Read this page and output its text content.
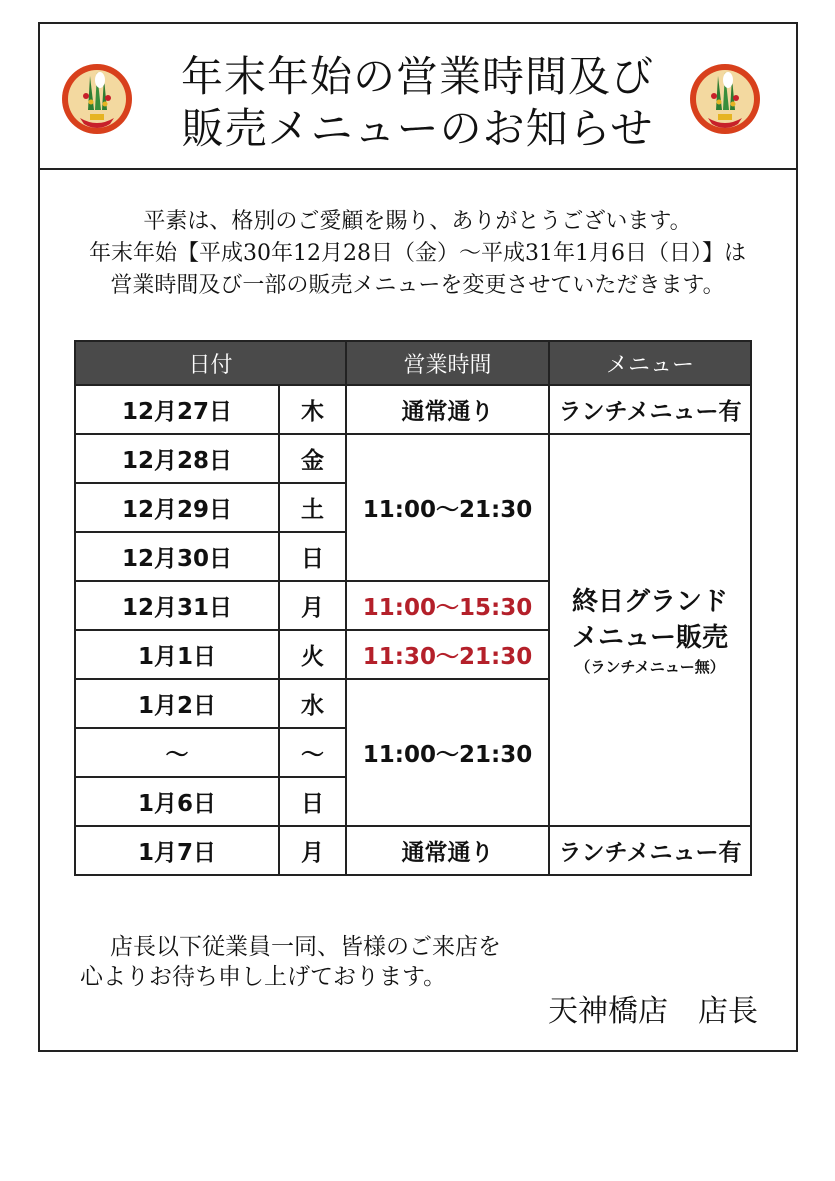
年末年始の営業時間及び
販売メニューのお知らせ
平素は、格別のご愛顧を賜り、ありがとうございます。
年末年始【平成30年12月28日（金）～平成31年1月6日（日）】は
営業時間及び一部の販売メニューを変更させていただきます。
日付		営業時間	メニュー
12月27日	木	通常通り	ランチメニュー有
12月28日	金	11:00〜21:30	終日グランド
メニュー販売
（ランチメニュー無）

12月29日	土		
12月30日	日		
12月31日	月	11:00〜15:30	
1月1日	火	11:30〜21:30	
1月2日	水	11:00〜21:30	
〜	〜		
1月6日	日		
1月7日	月	通常通り	ランチメニュー有
店長以下従業員一同、皆様のご来店を
心よりお待ち申し上げております。
天神橋店　店長
